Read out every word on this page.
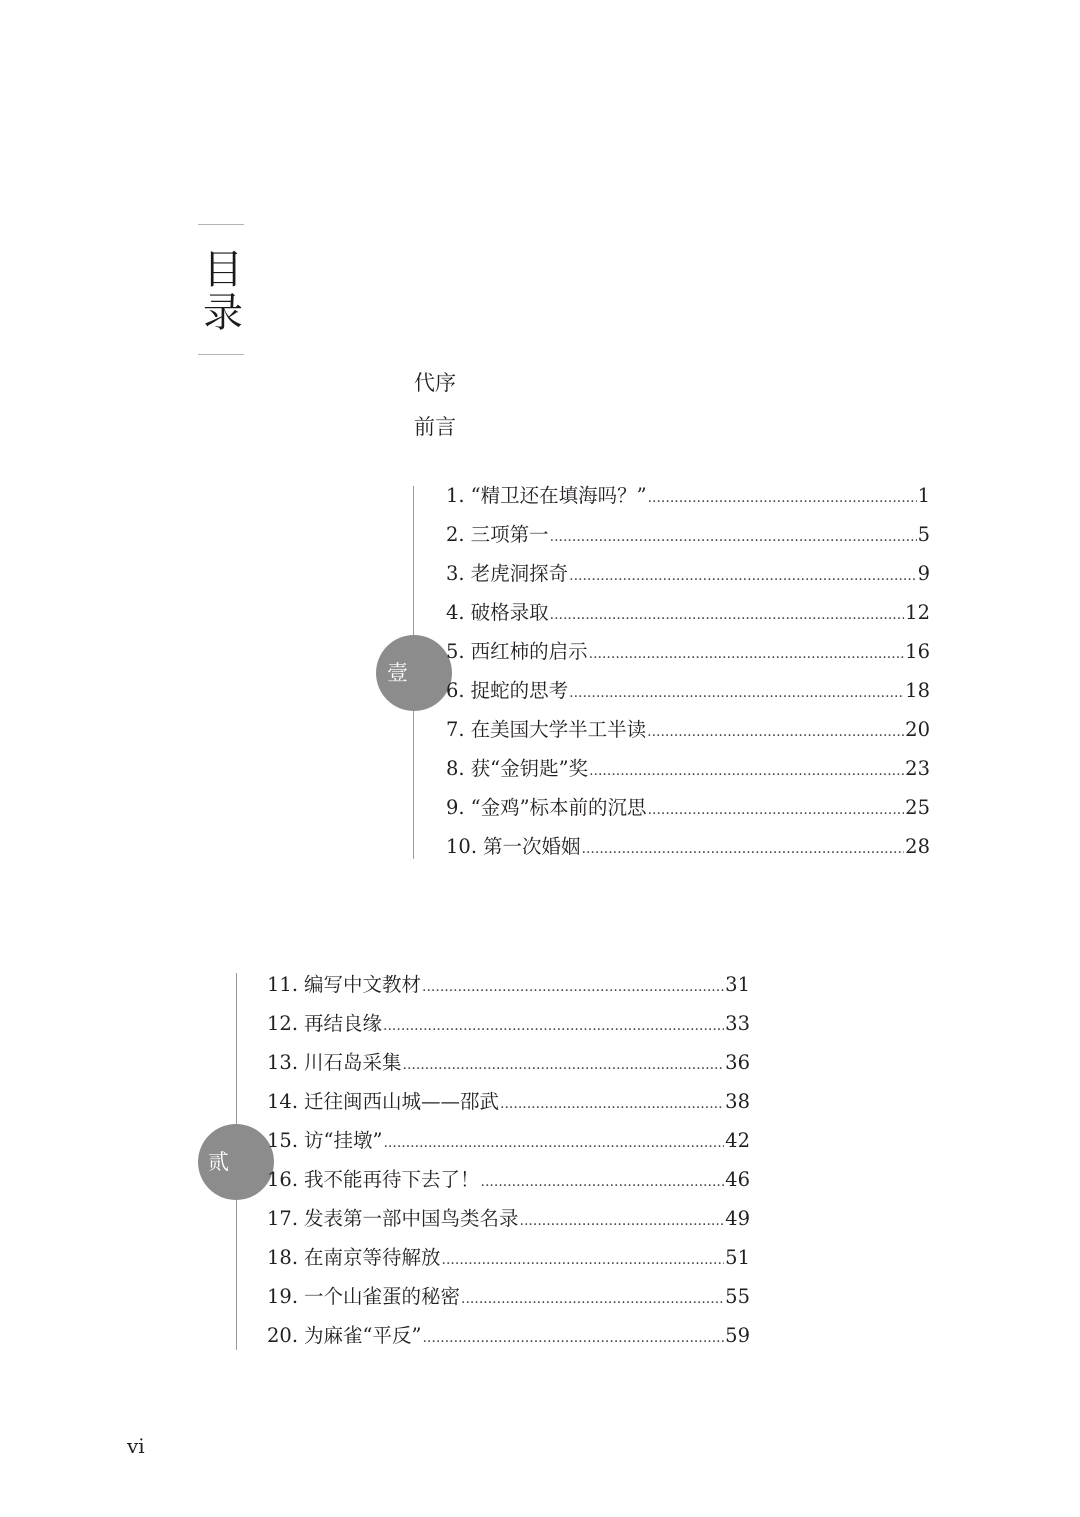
目
录
代序
前言
壹
1. “精卫还在填海吗？” .....	1
2. 三项第一 .....	5
3. 老虎洞探奇 .....	9
4. 破格录取 .....	12
5. 西红柿的启示 .....	16
6. 捉蛇的思考 .....	18
7. 在美国大学半工半读 .....	20
8. 获“金钥匙”奖 .....	23
9. “金鸡”标本前的沉思 .....	25
10. 第一次婚姻 .....	28
贰
11. 编写中文教材 .....	31
12. 再结良缘 .....	33
13. 川石岛采集 .....	36
14. 迁往闽西山城——邵武 .....	38
15. 访“挂墩” .....	42
16. 我不能再待下去了！ .....	46
17. 发表第一部中国鸟类名录 .....	49
18. 在南京等待解放 .....	51
19. 一个山雀蛋的秘密 .....	55
20. 为麻雀“平反” .....	59
vi
